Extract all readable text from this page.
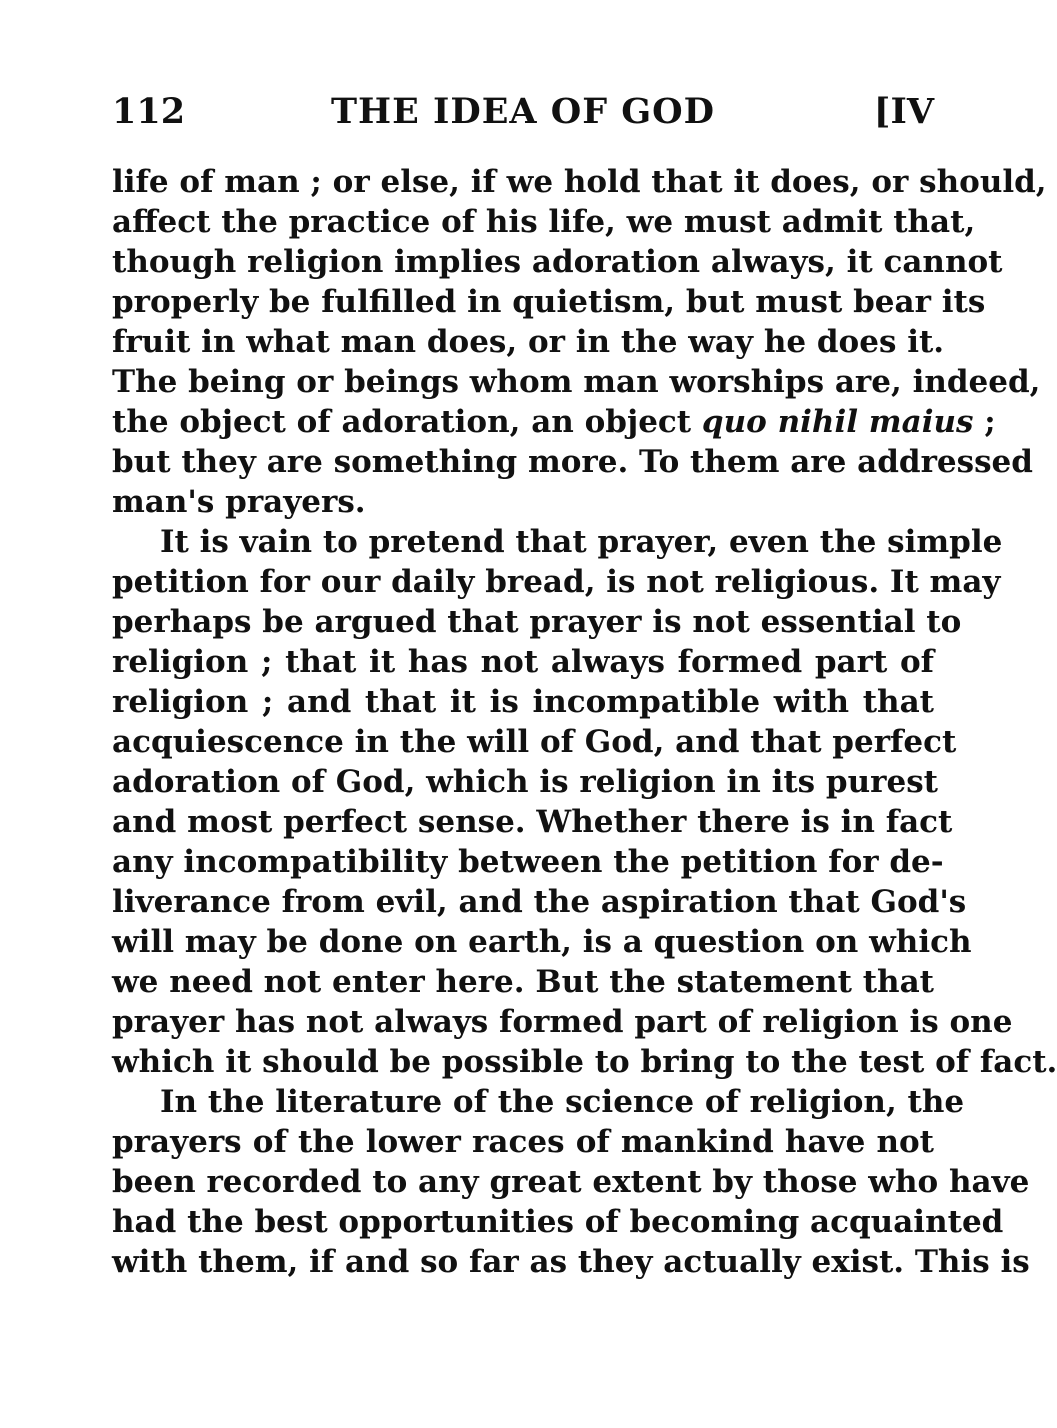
112	THE IDEA OF GOD	[IV
life of man ; or else, if we hold that it does, or should,
affect the practice of his life, we must admit that,
though religion implies adoration always, it cannot
properly be fulfilled in quietism, but must bear its
fruit in what man does, or in the way he does it.
The being or beings whom man worships are, indeed,
the object of adoration, an object quo nihil maius ;
but they are something more. To them are addressed
man's prayers.
It is vain to pretend that prayer, even the simple
petition for our daily bread, is not religious. It may
perhaps be argued that prayer is not essential to
religion ; that it has not always formed part of
religion ; and that it is incompatible with that
acquiescence in the will of God, and that perfect
adoration of God, which is religion in its purest
and most perfect sense. Whether there is in fact
any incompatibility between the petition for de-
liverance from evil, and the aspiration that God's
will may be done on earth, is a question on which
we need not enter here. But the statement that
prayer has not always formed part of religion is one
which it should be possible to bring to the test of fact.
In the literature of the science of religion, the
prayers of the lower races of mankind have not
been recorded to any great extent by those who have
had the best opportunities of becoming acquainted
with them, if and so far as they actually exist. This is
